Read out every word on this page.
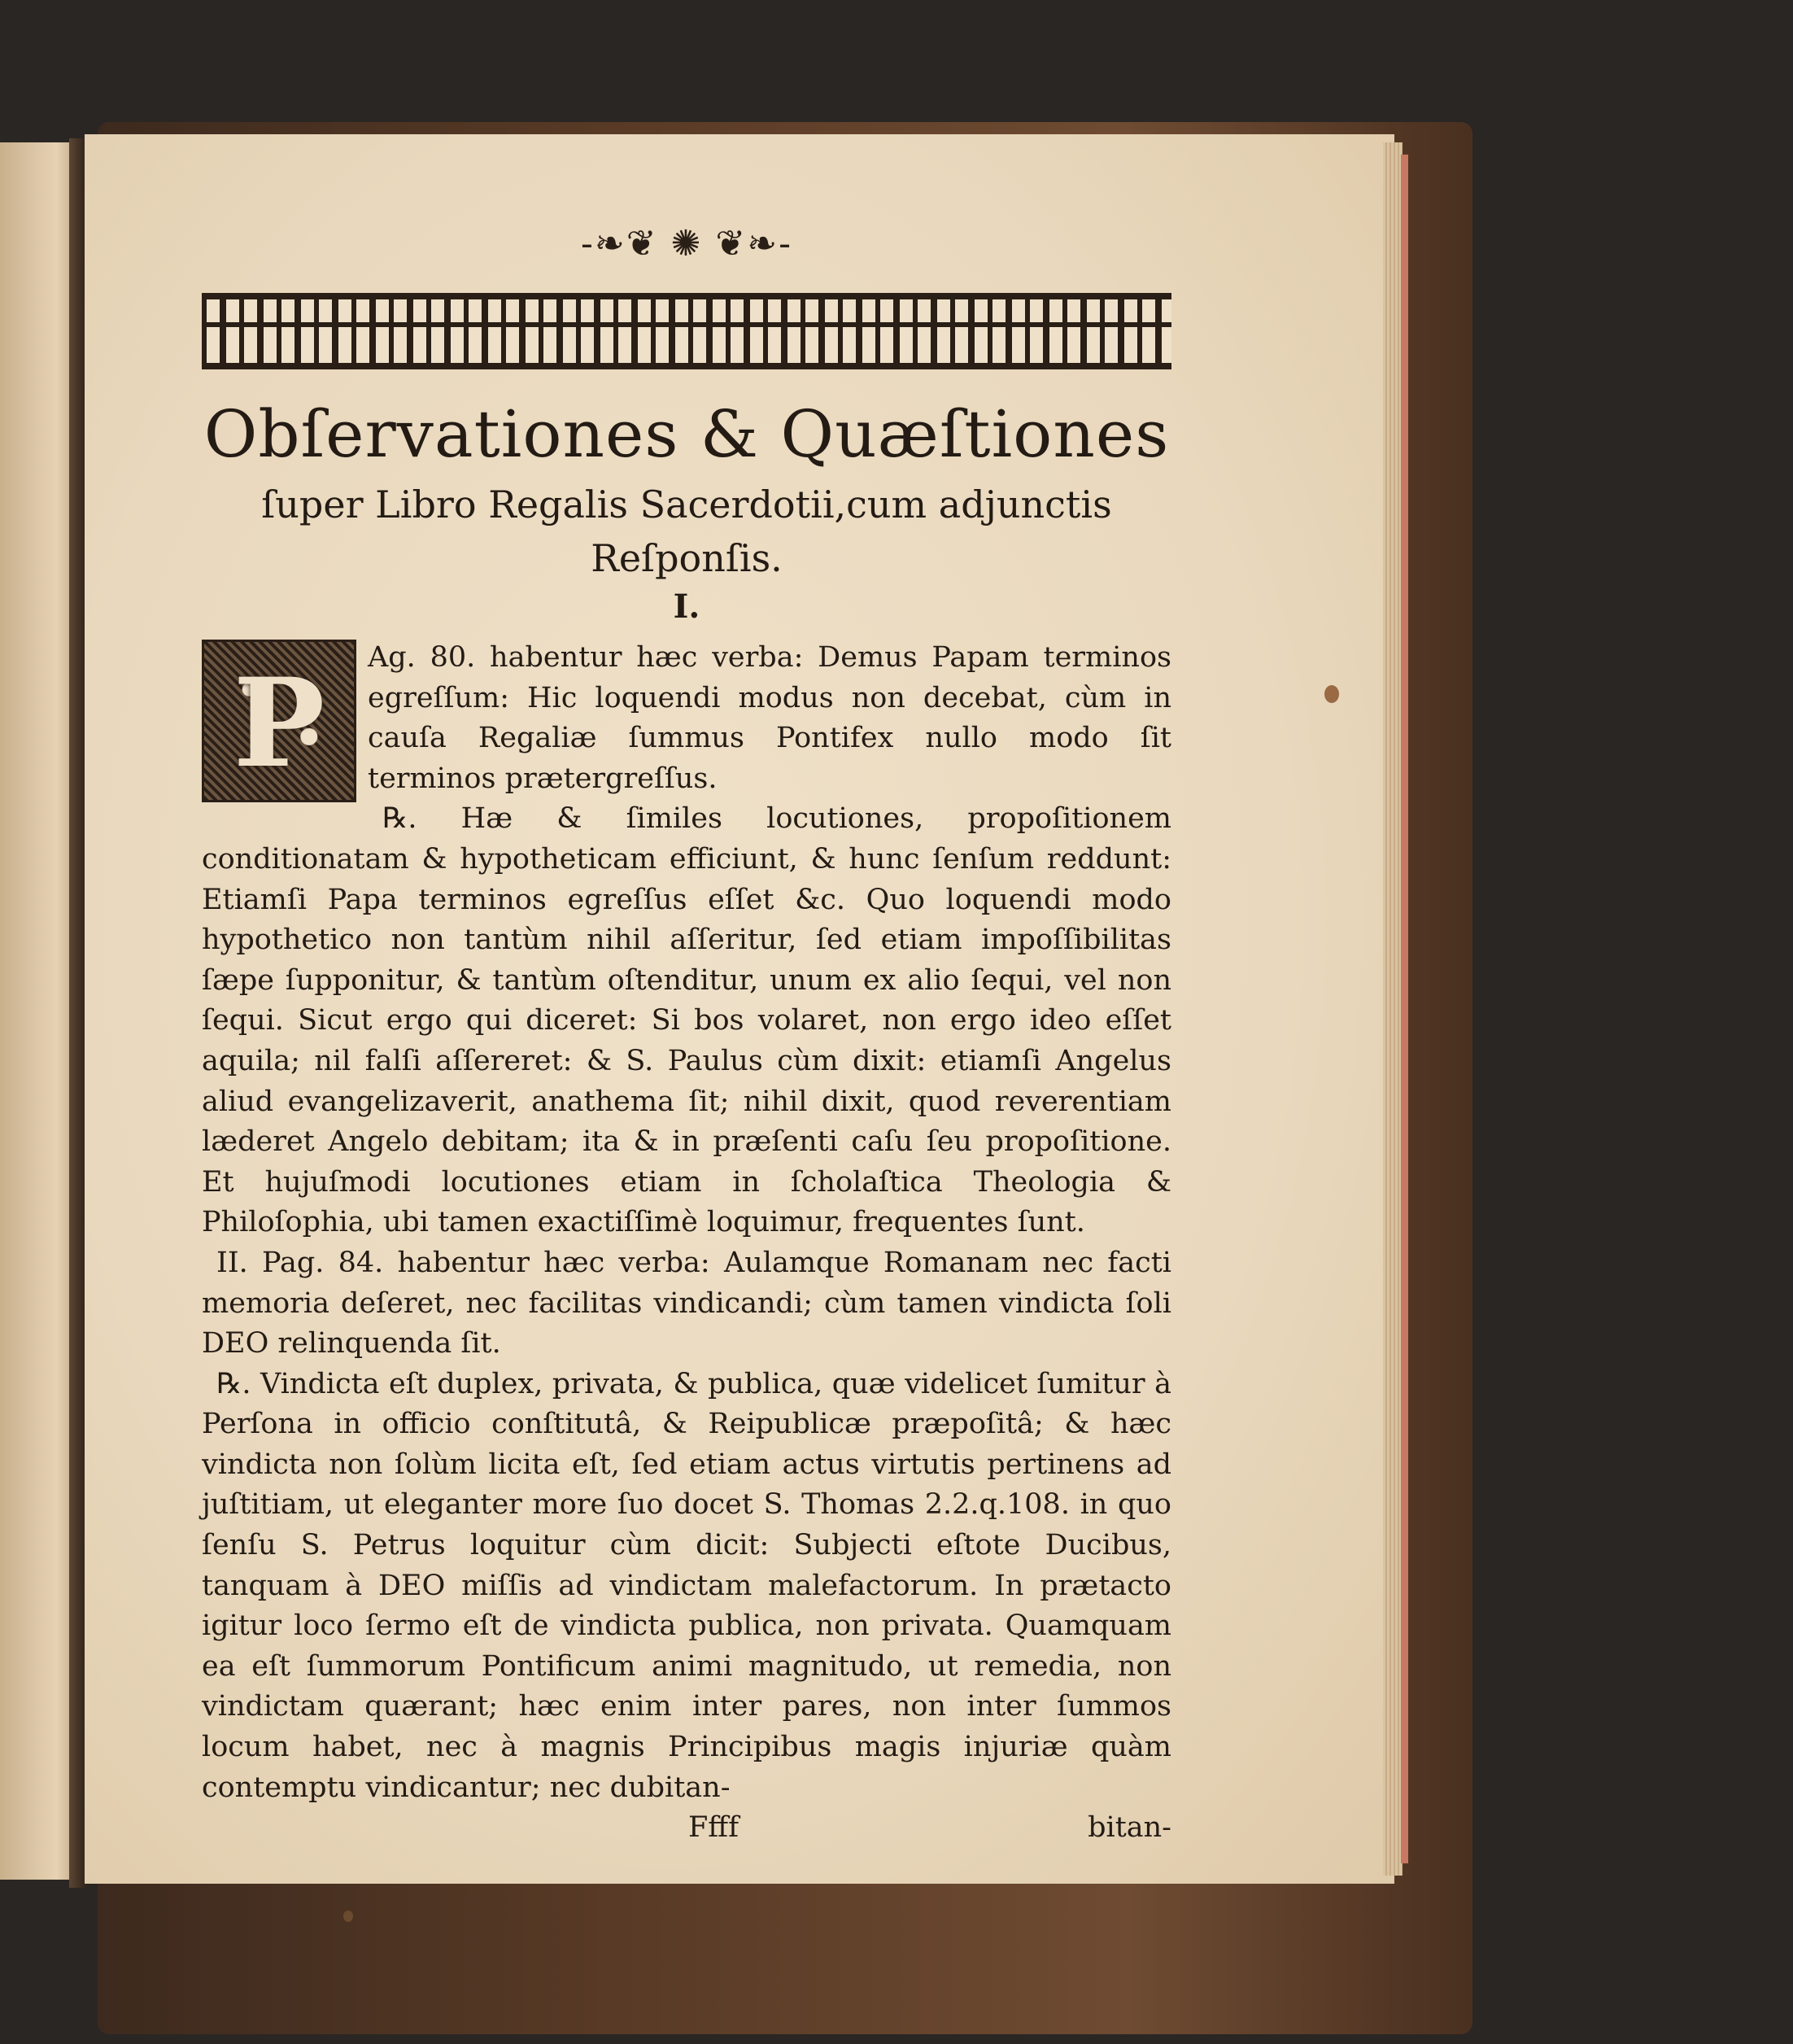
-❧❦ ✺ ❦❧-
Obſervationes & Quæſtiones
ſuper Libro Regalis Sacerdotii,cum adjunctis
Reſponſis.
I.
P	Ag. 80. habentur hæc verba: Demus Papam terminos egreſſum: Hic loquendi modus non decebat, cùm in cauſa Regaliæ ſummus Pontifex nullo modo ſit terminos prætergreſſus.

℞. Hæ & ſimiles locutiones, propoſitionem conditionatam & hypotheticam efficiunt, & hunc ſenſum reddunt: Etiamſi Papa terminos egreſſus eſſet &c. Quo loquendi modo hypothetico non tantùm nihil aſſeritur, ſed etiam impoſſibilitas ſæpe ſupponitur, & tantùm oſtenditur, unum ex alio ſequi, vel non ſequi. Sicut ergo qui diceret: Si bos volaret, non ergo ideo eſſet aquila; nil falſi aſſereret: & S. Paulus cùm dixit: etiamſi Angelus aliud evangelizaverit, anathema ſit; nihil dixit, quod reverentiam læderet Angelo debitam; ita & in præſenti caſu ſeu propoſitione. Et hujuſmodi locutiones etiam in ſcholaſtica Theologia & Philoſophia, ubi tamen exactiſſimè loquimur, frequentes ſunt.

II. Pag. 84. habentur hæc verba: Aulamque Romanam nec facti memoria deſeret, nec facilitas vindicandi; cùm tamen vindicta ſoli DEO relinquenda ſit.

℞. Vindicta eſt duplex, privata, & publica, quæ videlicet ſumitur à Perſona in officio conſtitutâ, & Reipublicæ præpoſitâ; & hæc vindicta non ſolùm licita eſt, ſed etiam actus virtutis pertinens ad juſtitiam, ut eleganter more ſuo docet S. Thomas 2.2.q.108. in quo ſenſu S. Petrus loquitur cùm dicit: Subjecti eſtote Ducibus, tanquam à DEO miſſis ad vindictam malefactorum. In prætacto igitur loco ſermo eſt de vindicta publica, non privata. Quamquam ea eſt ſummorum Pontificum animi magnitudo, ut remedia, non vindictam quærant; hæc enim inter pares, non inter ſummos locum habet, nec à magnis Principibus magis injuriæ quàm contemptu vindicantur; nec dubitan-

Ffff	bitan-
